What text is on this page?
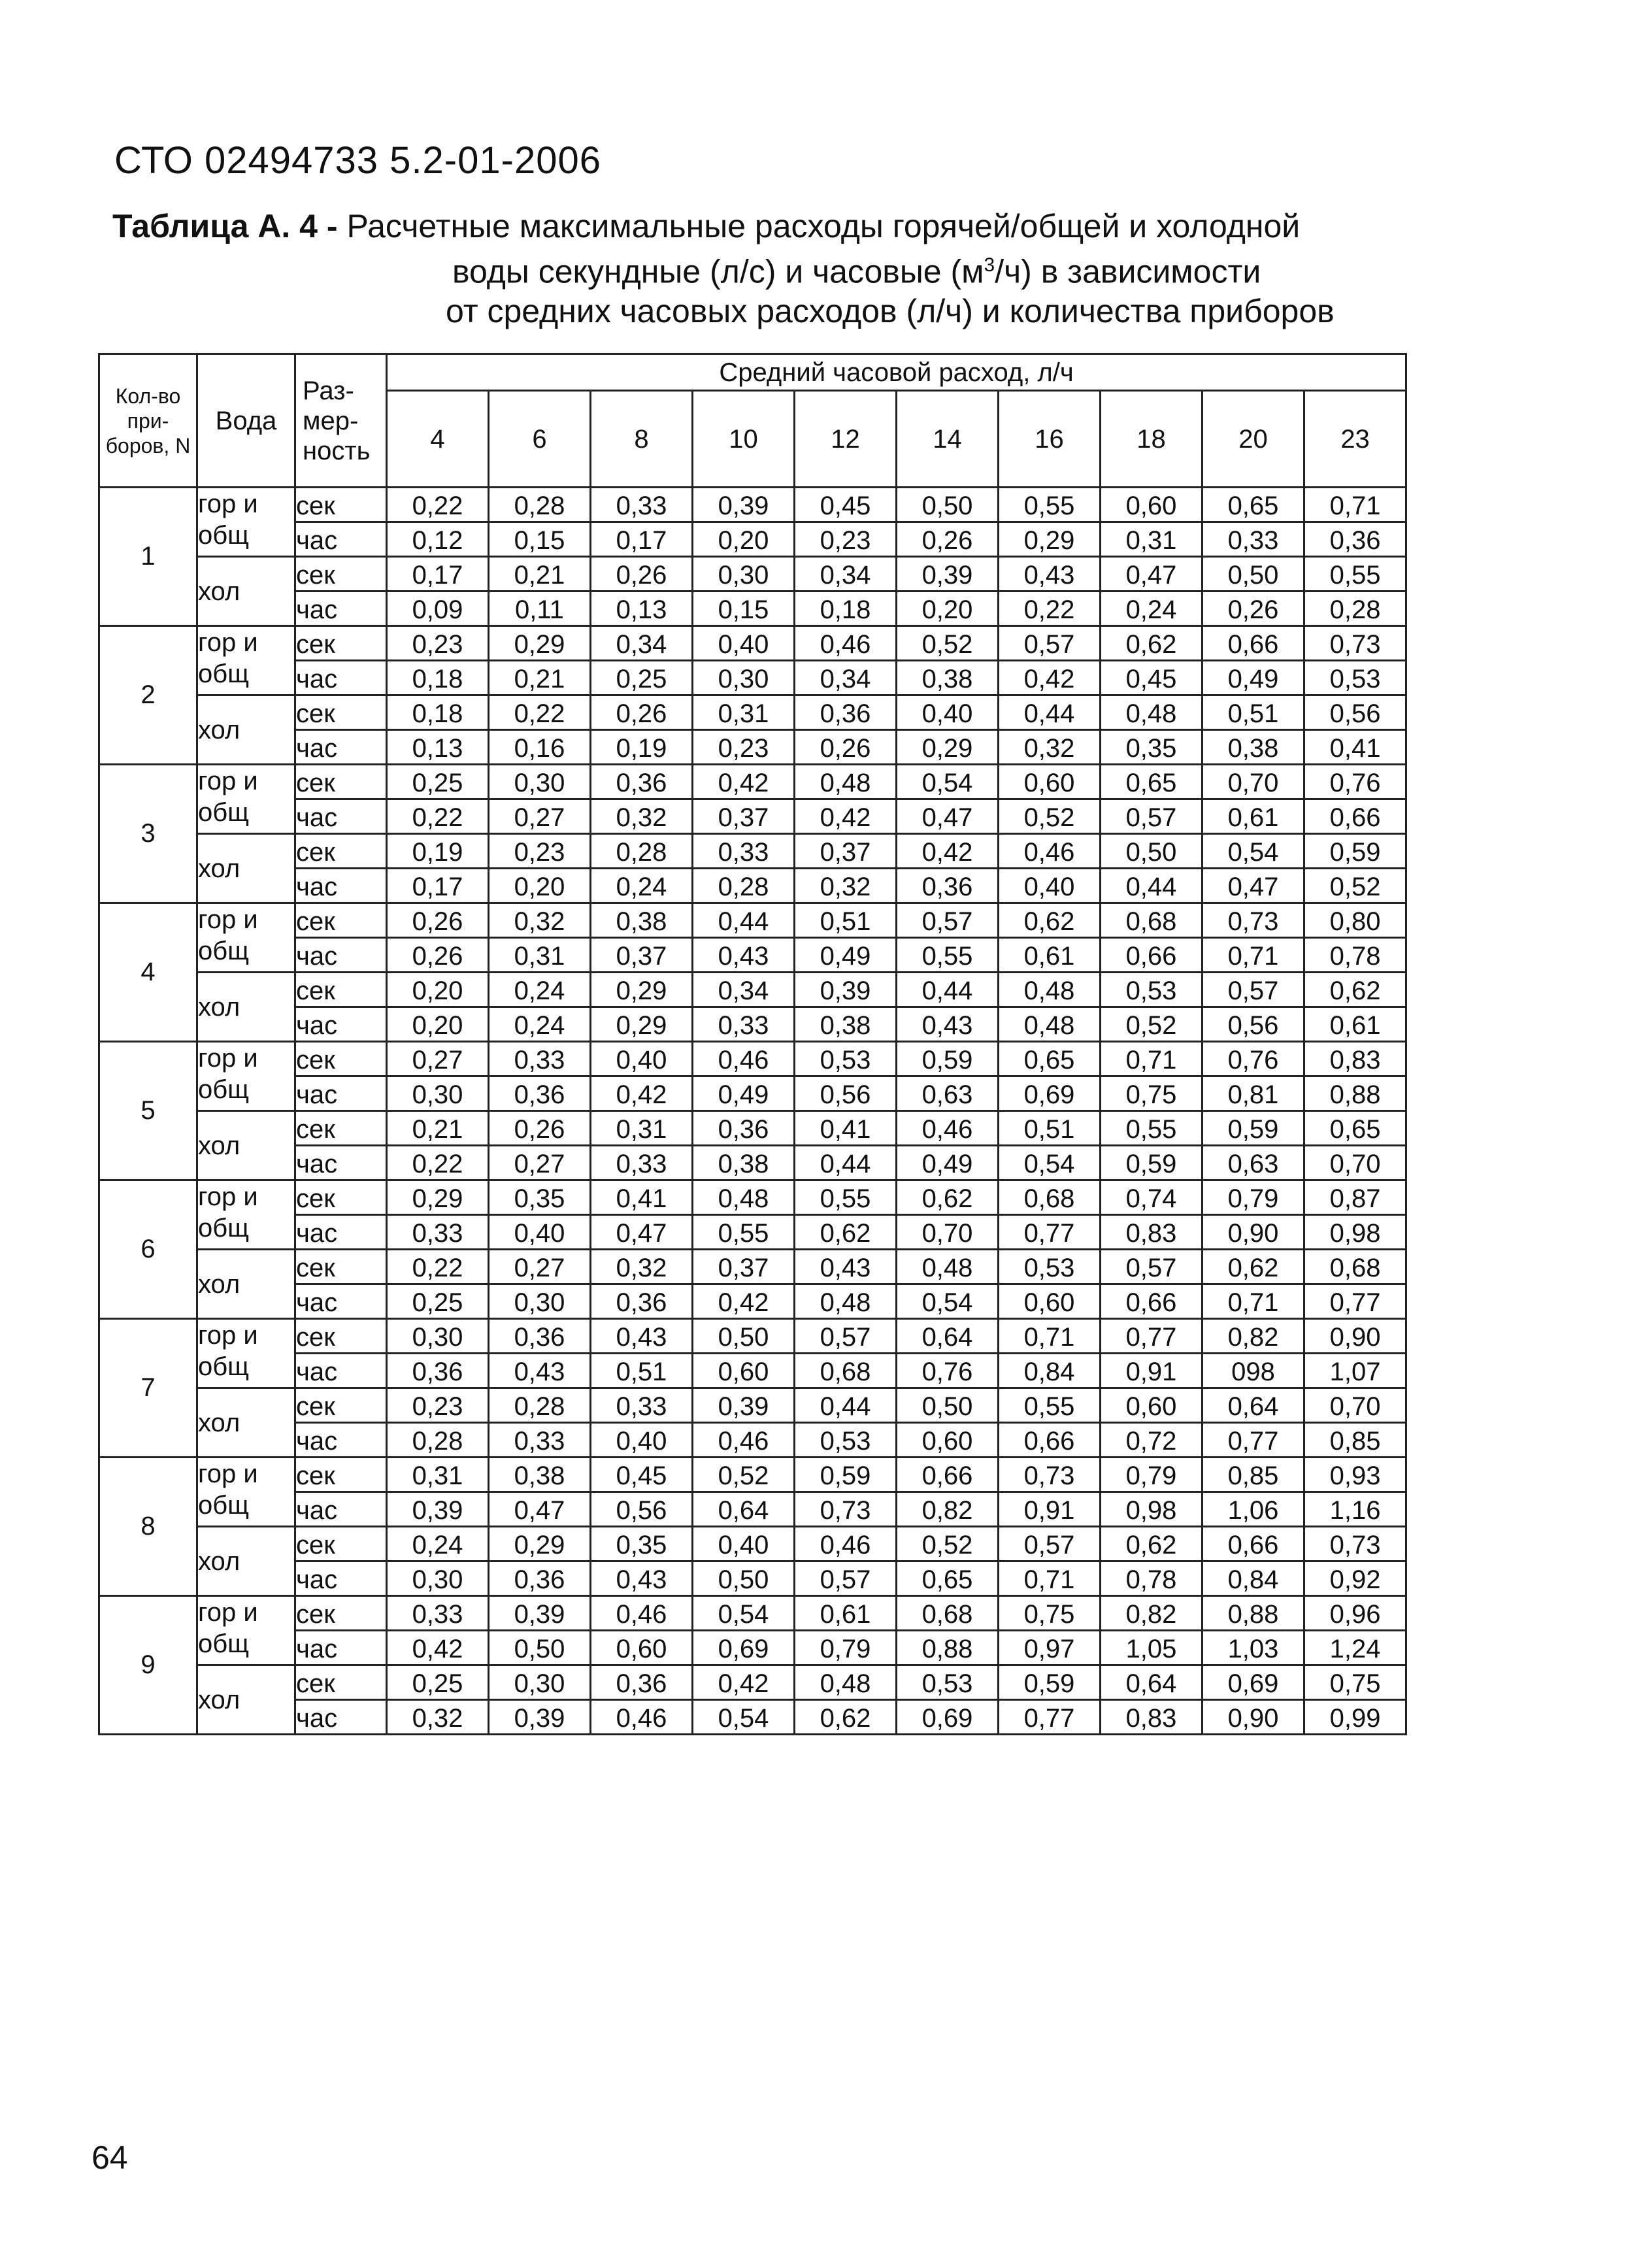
СТО 02494733 5.2-01-2006
Таблица А. 4 - Расчетные максимальные расходы горячей/общей и холодной
воды секундные (л/с) и часовые $(м^3/ч)$ в зависимости
от средних часовых расходов (л/ч) и количества приборов
Кол-во при-боров, N	Вода	Раз-мер-ность	Средний часовой расход, л/ч									
			4	6	8	10	12	14	16	18	20	23
1	гор и общ	сек	0,22	0,28	0,33	0,39	0,45	0,50	0,55	0,60	0,65	0,71
		час	0,12	0,15	0,17	0,20	0,23	0,26	0,29	0,31	0,33	0,36
	хол	сек	0,17	0,21	0,26	0,30	0,34	0,39	0,43	0,47	0,50	0,55
		час	0,09	0,11	0,13	0,15	0,18	0,20	0,22	0,24	0,26	0,28
2	гор и общ	сек	0,23	0,29	0,34	0,40	0,46	0,52	0,57	0,62	0,66	0,73
		час	0,18	0,21	0,25	0,30	0,34	0,38	0,42	0,45	0,49	0,53
	хол	сек	0,18	0,22	0,26	0,31	0,36	0,40	0,44	0,48	0,51	0,56
		час	0,13	0,16	0,19	0,23	0,26	0,29	0,32	0,35	0,38	0,41
3	гор и общ	сек	0,25	0,30	0,36	0,42	0,48	0,54	0,60	0,65	0,70	0,76
		час	0,22	0,27	0,32	0,37	0,42	0,47	0,52	0,57	0,61	0,66
	хол	сек	0,19	0,23	0,28	0,33	0,37	0,42	0,46	0,50	0,54	0,59
		час	0,17	0,20	0,24	0,28	0,32	0,36	0,40	0,44	0,47	0,52
4	гор и общ	сек	0,26	0,32	0,38	0,44	0,51	0,57	0,62	0,68	0,73	0,80
		час	0,26	0,31	0,37	0,43	0,49	0,55	0,61	0,66	0,71	0,78
	хол	сек	0,20	0,24	0,29	0,34	0,39	0,44	0,48	0,53	0,57	0,62
		час	0,20	0,24	0,29	0,33	0,38	0,43	0,48	0,52	0,56	0,61
5	гор и общ	сек	0,27	0,33	0,40	0,46	0,53	0,59	0,65	0,71	0,76	0,83
		час	0,30	0,36	0,42	0,49	0,56	0,63	0,69	0,75	0,81	0,88
	хол	сек	0,21	0,26	0,31	0,36	0,41	0,46	0,51	0,55	0,59	0,65
		час	0,22	0,27	0,33	0,38	0,44	0,49	0,54	0,59	0,63	0,70
6	гор и общ	сек	0,29	0,35	0,41	0,48	0,55	0,62	0,68	0,74	0,79	0,87
		час	0,33	0,40	0,47	0,55	0,62	0,70	0,77	0,83	0,90	0,98
	хол	сек	0,22	0,27	0,32	0,37	0,43	0,48	0,53	0,57	0,62	0,68
		час	0,25	0,30	0,36	0,42	0,48	0,54	0,60	0,66	0,71	0,77
7	гор и общ	сек	0,30	0,36	0,43	0,50	0,57	0,64	0,71	0,77	0,82	0,90
		час	0,36	0,43	0,51	0,60	0,68	0,76	0,84	0,91	098	1,07
	хол	сек	0,23	0,28	0,33	0,39	0,44	0,50	0,55	0,60	0,64	0,70
		час	0,28	0,33	0,40	0,46	0,53	0,60	0,66	0,72	0,77	0,85
8	гор и общ	сек	0,31	0,38	0,45	0,52	0,59	0,66	0,73	0,79	0,85	0,93
		час	0,39	0,47	0,56	0,64	0,73	0,82	0,91	0,98	1,06	1,16
	хол	сек	0,24	0,29	0,35	0,40	0,46	0,52	0,57	0,62	0,66	0,73
		час	0,30	0,36	0,43	0,50	0,57	0,65	0,71	0,78	0,84	0,92
9	гор и общ	сек	0,33	0,39	0,46	0,54	0,61	0,68	0,75	0,82	0,88	0,96
		час	0,42	0,50	0,60	0,69	0,79	0,88	0,97	1,05	1,03	1,24
	хол	сек	0,25	0,30	0,36	0,42	0,48	0,53	0,59	0,64	0,69	0,75
		час	0,32	0,39	0,46	0,54	0,62	0,69	0,77	0,83	0,90	0,99
64
